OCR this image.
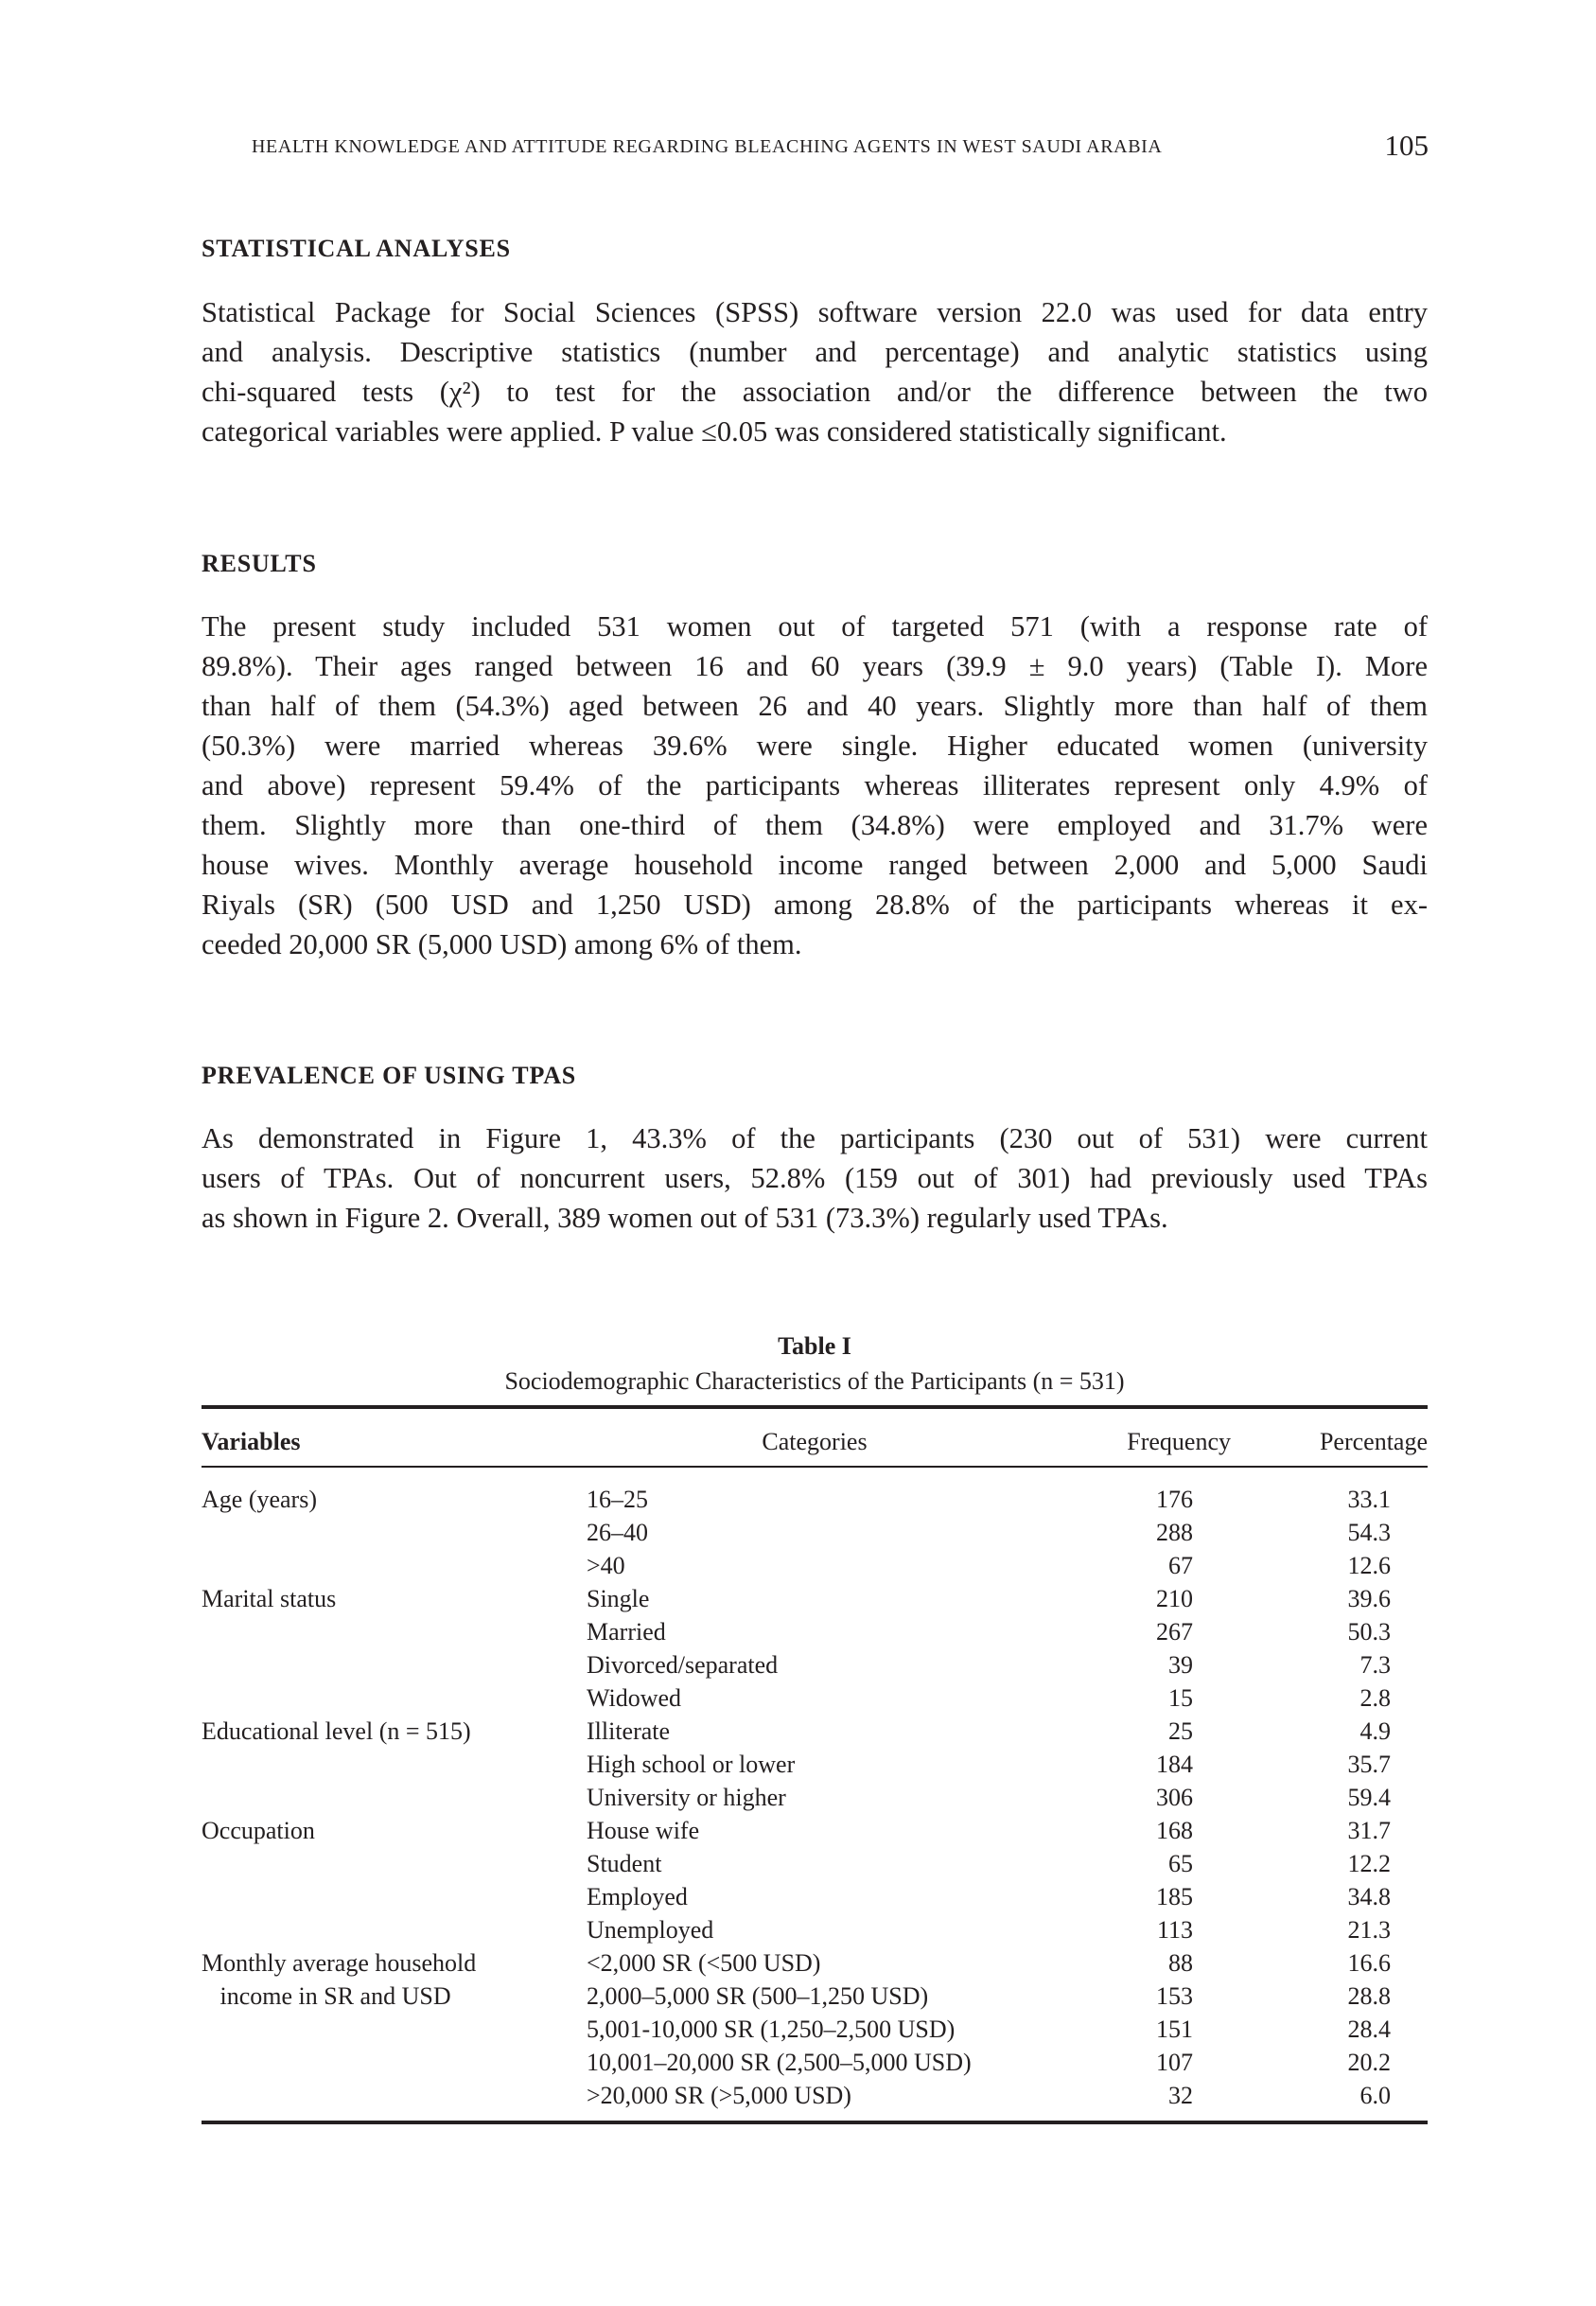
HEALTH KNOWLEDGE AND ATTITUDE REGARDING BLEACHING AGENTS IN WEST SAUDI ARABIA	105
STATISTICAL ANALYSES
Statistical Package for Social Sciences (SPSS) software version 22.0 was used for data entry
and analysis. Descriptive statistics (number and percentage) and analytic statistics using
chi-squared tests (χ²) to test for the association and/or the difference between the two
categorical variables were applied. P value ≤0.05 was considered statistically significant.
RESULTS
The present study included 531 women out of targeted 571 (with a response rate of
89.8%). Their ages ranged between 16 and 60 years (39.9 ± 9.0 years) (Table I). More
than half of them (54.3%) aged between 26 and 40 years. Slightly more than half of them
(50.3%) were married whereas 39.6% were single. Higher educated women (university
and above) represent 59.4% of the participants whereas illiterates represent only 4.9% of
them. Slightly more than one-third of them (34.8%) were employed and 31.7% were
house wives. Monthly average household income ranged between 2,000 and 5,000 Saudi
Riyals (SR) (500 USD and 1,250 USD) among 28.8% of the participants whereas it ex-
ceeded 20,000 SR (5,000 USD) among 6% of them.
PREVALENCE OF USING TPAS
As demonstrated in Figure 1, 43.3% of the participants (230 out of 531) were current
users of TPAs. Out of noncurrent users, 52.8% (159 out of 301) had previously used TPAs
as shown in Figure 2. Overall, 389 women out of 531 (73.3%) regularly used TPAs.
Table I
Sociodemographic Characteristics of the Participants (n = 531)
Variables	Categories	Frequency	Percentage
Age (years)	16–25	176	33.1
26–40	288	54.3
>40	67	12.6
Marital status	Single	210	39.6
Married	267	50.3
Divorced/separated	39	7.3
Widowed	15	2.8
Educational level (n = 515)	Illiterate	25	4.9
High school or lower	184	35.7
University or higher	306	59.4
Occupation	House wife	168	31.7
Student	65	12.2
Employed	185	34.8
Unemployed	113	21.3
Monthly average household	<2,000 SR (<500 USD)	88	16.6
income in SR and USD	2,000–5,000 SR (500–1,250 USD)	153	28.8
5,001-10,000 SR (1,250–2,500 USD)	151	28.4
10,001–20,000 SR (2,500–5,000 USD)	107	20.2
>20,000 SR (>5,000 USD)	32	6.0
